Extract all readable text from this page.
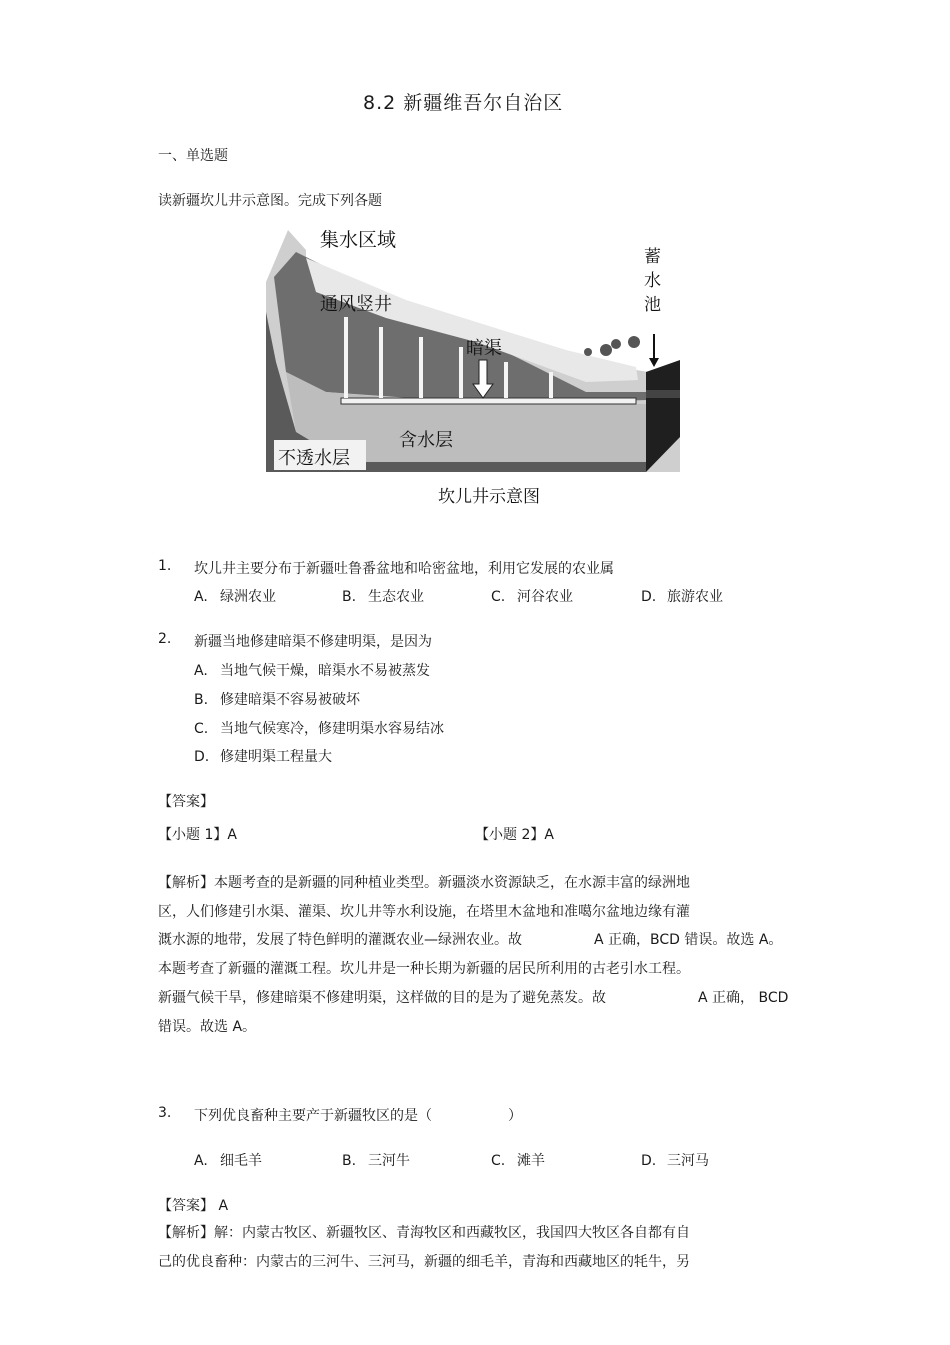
8.2 新疆维吾尔自治区
一、单选题
读新疆坎儿井示意图。完成下列各题
集水区域
通风竖井
蓄
水
池
暗渠
含水层
不透水层
坎儿井示意图
1. 坎儿井主要分布于新疆吐鲁番盆地和哈密盆地，利用它发展的农业属
A. 绿洲农业	B. 生态农业	C. 河谷农业	D. 旅游农业
2. 新疆当地修建暗渠不修建明渠，是因为
A. 当地气候干燥，暗渠水不易被蒸发
B. 修建暗渠不容易被破坏
C. 当地气候寒冷，修建明渠水容易结冰
D. 修建明渠工程量大
【答案】
【小题 1】A	【小题 2】A
【解析】本题考查的是新疆的同种植业类型。新疆淡水资源缺乏，在水源丰富的绿洲地
区，人们修建引水渠、灌渠、坎儿井等水利设施，在塔里木盆地和准噶尔盆地边缘有灌
溉水源的地带，发展了特色鲜明的灌溉农业—绿洲农业。故	A 正确，BCD 错误。故选 A。
本题考查了新疆的灌溉工程。坎儿井是一种长期为新疆的居民所利用的古老引水工程。
新疆气候干旱，修建暗渠不修建明渠，这样做的目的是为了避免蒸发。故	A 正确， BCD
错误。故选 A。
3. 下列优良畜种主要产于新疆牧区的是（	）
A. 细毛羊	B. 三河牛	C. 滩羊	D. 三河马
【答案】 A
【解析】解：内蒙古牧区、新疆牧区、青海牧区和西藏牧区，我国四大牧区各自都有自
己的优良畜种：内蒙古的三河牛、三河马，新疆的细毛羊，青海和西藏地区的牦牛，另
